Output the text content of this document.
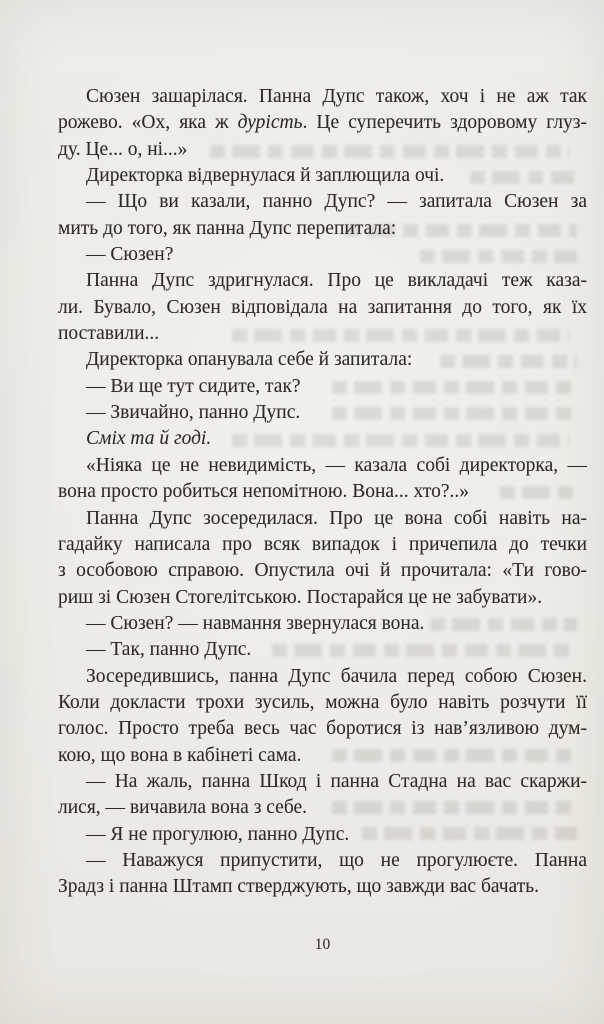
Сюзен зашарілася. Панна Дупс також, хоч і не аж так
рожево. «Ох, яка ж дурість. Це суперечить здоровому глуз-
ду. Це... о, ні...»
Директорка відвернулася й заплющила очі.
— Що ви казали, панно Дупс? — запитала Сюзен за
мить до того, як панна Дупс перепитала:
— Сюзен?
Панна Дупс здригнулася. Про це викладачі теж каза-
ли. Бувало, Сюзен відповідала на запитання до того, як їх
поставили...
Директорка опанувала себе й запитала:
— Ви ще тут сидите, так?
— Звичайно, панно Дупс.
Сміх та й годі.
«Ніяка це не невидимість, — казала собі директорка, —
вона просто робиться непомітною. Вона... хто?..»
Панна Дупс зосередилася. Про це вона собі навіть на-
гадайку написала про всяк випадок і причепила до течки
з особовою справою. Опустила очі й прочитала: «Ти гово-
риш зі Сюзен Стогелітською. Постарайся це не забувати».
— Сюзен? — навмання звернулася вона.
— Так, панно Дупс.
Зосередившись, панна Дупс бачила перед собою Сюзен.
Коли докласти трохи зусиль, можна було навіть розчути її
голос. Просто треба весь час боротися із нав’язливою дум-
кою, що вона в кабінеті сама.
— На жаль, панна Шкод і панна Стадна на вас скаржи-
лися, — вичавила вона з себе.
— Я не прогулюю, панно Дупс.
— Наважуся припустити, що не прогулюєте. Панна
Зрадз і панна Штамп стверджують, що завжди вас бачать.
10
